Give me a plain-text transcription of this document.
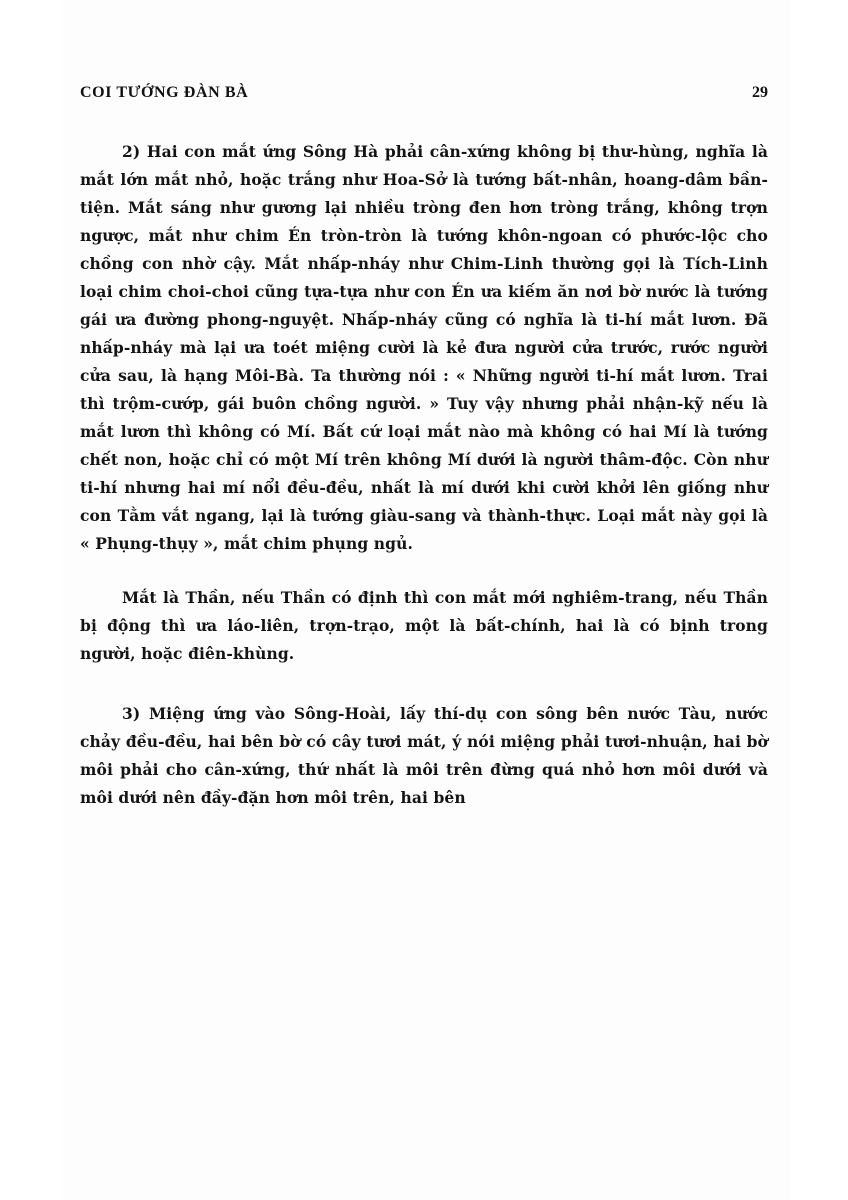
COI TƯỚNG ĐÀN BÀ	29

2) Hai con mắt ứng Sông Hà phải cân-xứng không bị thư-hùng, nghĩa là mắt lớn mắt nhỏ, hoặc trắng như Hoa-Sở là tướng bất-nhân, hoang-dâm bần-tiện. Mắt sáng như gương lại nhiều tròng đen hơn tròng trắng, không trợn ngược, mắt như chim Én tròn-tròn là tướng khôn-ngoan có phước-lộc cho chồng con nhờ cậy. Mắt nhấp-nháy như Chim-Linh thường gọi là Tích-Linh loại chim choi-choi cũng tựa-tựa như con Én ưa kiếm ăn nơi bờ nước là tướng gái ưa đường phong-nguyệt. Nhấp-nháy cũng có nghĩa là ti-hí mắt lươn. Đã nhấp-nháy mà lại ưa toét miệng cười là kẻ đưa người cửa trước, rước người cửa sau, là hạng Môi-Bà. Ta thường nói : « Những người ti-hí mắt lươn. Trai thì trộm-cướp, gái buôn chồng người. » Tuy vậy nhưng phải nhận-kỹ nếu là mắt lươn thì không có Mí. Bất cứ loại mắt nào mà không có hai Mí là tướng chết non, hoặc chỉ có một Mí trên không Mí dưới là người thâm-độc. Còn như ti-hí nhưng hai mí nổi đều-đều, nhất là mí dưới khi cười khởi lên giống như con Tằm vắt ngang, lại là tướng giàu-sang và thành-thực. Loại mắt này gọi là « Phụng-thụy », mắt chim phụng ngủ.

Mắt là Thần, nếu Thần có định thì con mắt mới nghiêm-trang, nếu Thần bị động thì ưa láo-liên, trợn-trạo, một là bất-chính, hai là có bịnh trong người, hoặc điên-khùng.

3) Miệng ứng vào Sông-Hoài, lấy thí-dụ con sông bên nước Tàu, nước chảy đều-đều, hai bên bờ có cây tươi mát, ý nói miệng phải tươi-nhuận, hai bờ môi phải cho cân-xứng, thứ nhất là môi trên đừng quá nhỏ hơn môi dưới và môi dưới nên đầy-đặn hơn môi trên, hai bên
